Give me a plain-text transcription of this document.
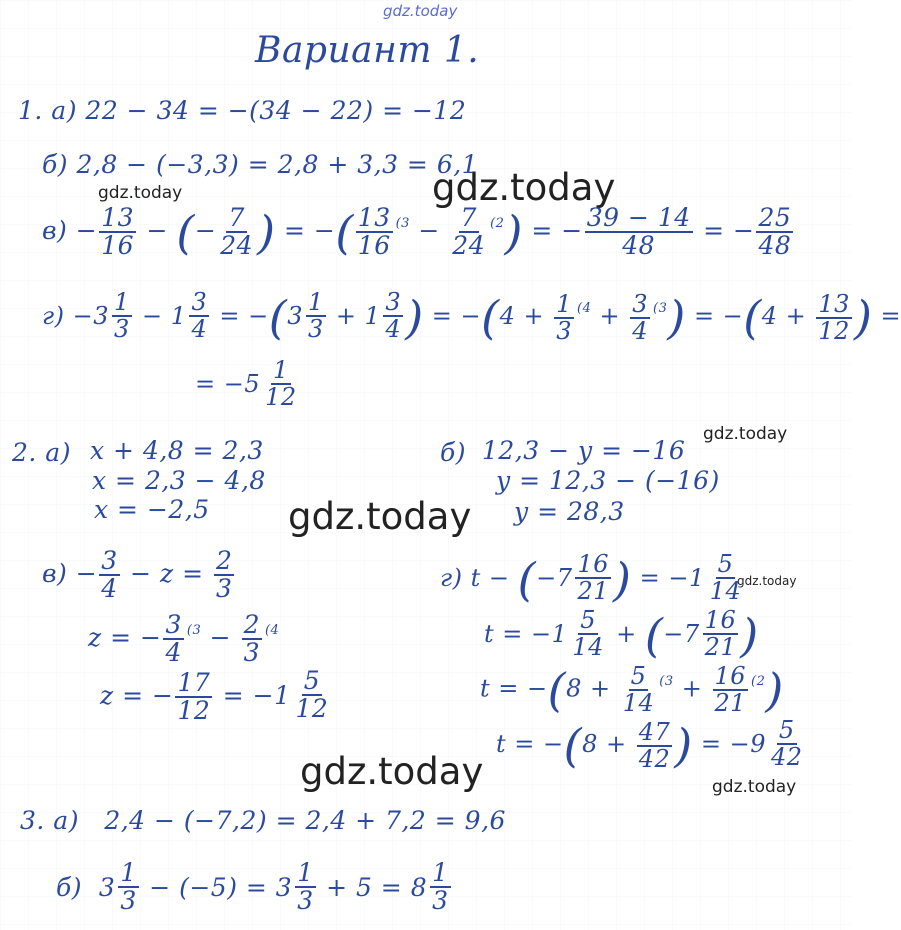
gdz.today
gdz.today
gdz.today
gdz.today
gdz.today
gdz.today
gdz.today	gdz.today
Вариант 1.
1. а) 22 − 34 = −(34 − 22) = −12
б) 2,8 − (−3,3) = 2,8 + 3,3 = 6,1
$в) - \frac{13}{16}$ − (− $\frac{7}{24}$ ) = −( $\frac{13}{16} ^{(3} - \frac{7}{24} ^{(2}$) = − $\frac{39 - 14}{48}$ = − $\frac{25}{48}$
$г) - 3 \frac{1}{3} - 1 \frac{3}{4}$ = −( $3 \frac{1}{3} + 1 \frac{3}{4}$ ) = $-(4 + \frac{1}{3} ^{(4} + \frac{3}{4} ^{(3}) = -(4 + \frac{13}{12}$ ) =
= − $5 \frac{1}{12}$
2. а) x + 4,8 = 2,3
x = 2,3 − 4,8
x = −2,5
б) 12,3 − y = −16
y = 12,3 − (−16)
y = 28,3
$в) - \frac{3}{4} - z = \frac{2}{3}$
z = − $\frac{3}{4} ^{(3} - \frac{2}{3} ^{(4}$
z = − $\frac{17}{12}$ = − $1 \frac{5}{12}$
г) t − (− $7 \frac{16}{21}$ ) = − $1 \frac{5}{14}$
t = − $1 \frac{5}{14}$ + (− $7 \frac{16}{21}$ )
$t = -(8 + \frac{5}{14} ^{(3} + \frac{16}{21} ^{(2})$
$t = -(8 + \frac{47}{42}$ ) = − $9 \frac{5}{42}$
3. а) 2,4 − (−7,2) = 2,4 + 7,2 = 9,6
б) $3 \frac{1}{3} - (-5) = 3 \frac{1}{3} + 5 = 8 \frac{1}{3}$
